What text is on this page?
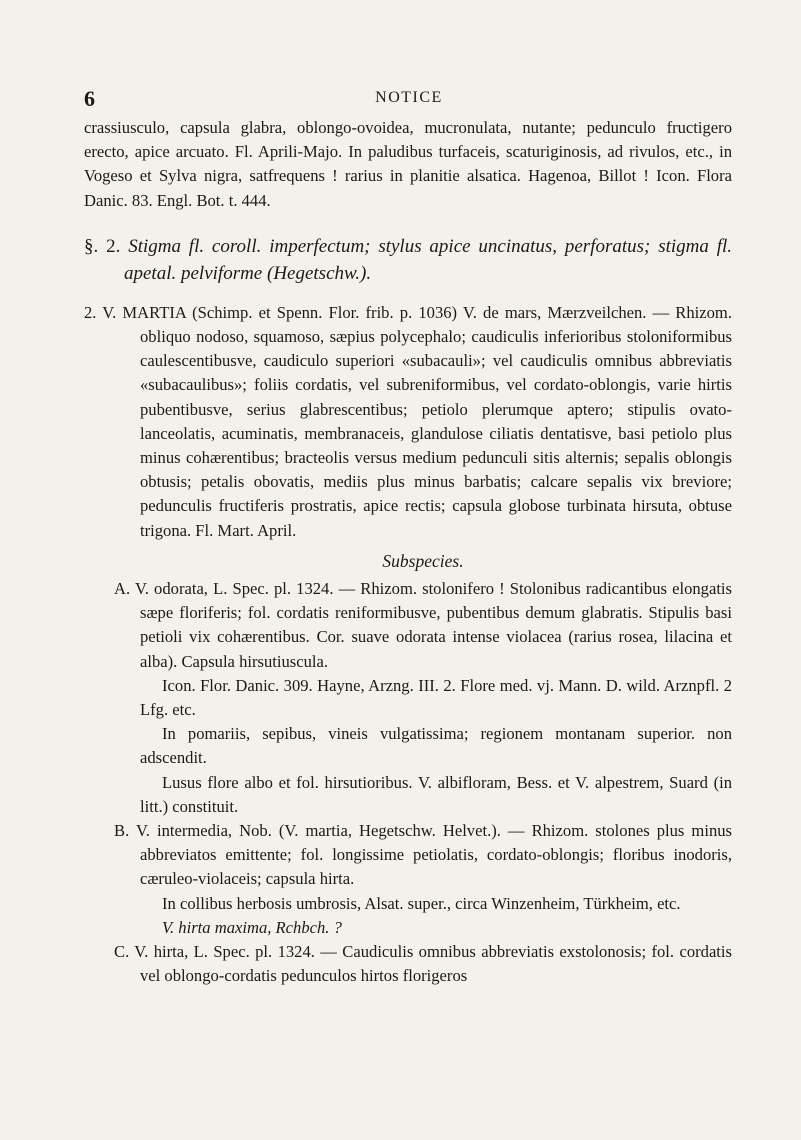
6	NOTICE

crassiusculo, capsula glabra, oblongo-ovoidea, mucronulata, nutante; pedunculo fructigero erecto, apice arcuato. Fl. Aprili-Majo. In paludibus turfaceis, scaturiginosis, ad rivulos, etc., in Vogeso et Sylva nigra, satfrequens ! rarius in planitie alsatica. Hagenoa, Billot ! Icon. Flora Danic. 83. Engl. Bot. t. 444.

§. 2. Stigma fl. coroll. imperfectum; stylus apice uncinatus, perforatus; stigma fl. apetal. pelviforme (Hegetschw.).

2. V. MARTIA (Schimp. et Spenn. Flor. frib. p. 1036) V. de mars, Mærzveilchen. — Rhizom. obliquo nodoso, squamoso, sæpius polycephalo; caudiculis inferioribus stoloniformibus caulescentibusve, caudiculo superiori «subacauli»; vel caudiculis omnibus abbreviatis «subacaulibus»; foliis cordatis, vel subreniformibus, vel cordato-oblongis, varie hirtis pubentibusve, serius glabrescentibus; petiolo plerumque aptero; stipulis ovato-lanceolatis, acuminatis, membranaceis, glandulose ciliatis dentatisve, basi petiolo plus minus cohærentibus; bracteolis versus medium pedunculi sitis alternis; sepalis oblongis obtusis; petalis obovatis, mediis plus minus barbatis; calcare sepalis vix breviore; pedunculis fructiferis prostratis, apice rectis; capsula globose turbinata hirsuta, obtuse trigona. Fl. Mart. April.

Subspecies.

A. V. odorata, L. Spec. pl. 1324. — Rhizom. stolonifero ! Stolonibus radicantibus elongatis sæpe floriferis; fol. cordatis reniformibusve, pubentibus demum glabratis. Stipulis basi petioli vix cohærentibus. Cor. suave odorata intense violacea (rarius rosea, lilacina et alba). Capsula hirsutiuscula.

Icon. Flor. Danic. 309. Hayne, Arzng. III. 2. Flore med. vj. Mann. D. wild. Arznpfl. 2 Lfg. etc.

In pomariis, sepibus, vineis vulgatissima; regionem montanam superior. non adscendit.

Lusus flore albo et fol. hirsutioribus. V. albifloram, Bess. et V. alpestrem, Suard (in litt.) constituit.

B. V. intermedia, Nob. (V. martia, Hegetschw. Helvet.). — Rhizom. stolones plus minus abbreviatos emittente; fol. longissime petiolatis, cordato-oblongis; floribus inodoris, cæruleo-violaceis; capsula hirta.

In collibus herbosis umbrosis, Alsat. super., circa Winzenheim, Türkheim, etc.

V. hirta maxima, Rchbch. ?

C. V. hirta, L. Spec. pl. 1324. — Caudiculis omnibus abbreviatis exstolonosis; fol. cordatis vel oblongo-cordatis pedunculos hirtos florigeros
